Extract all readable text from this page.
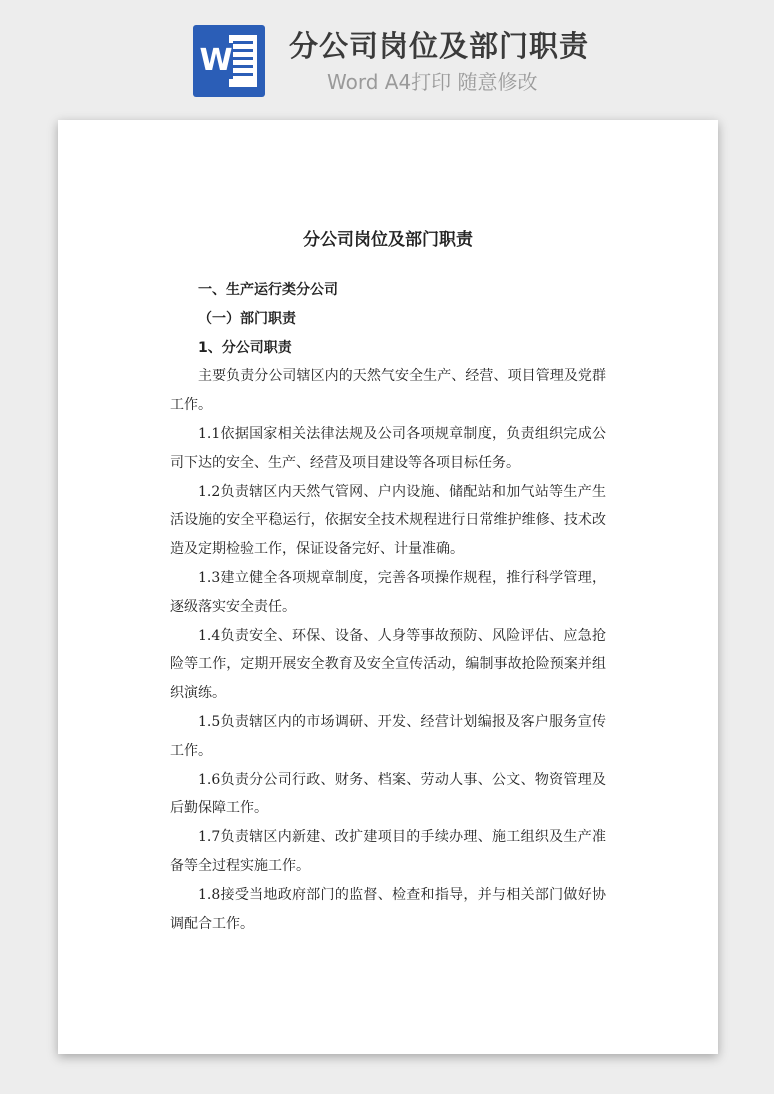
W 分公司岗位及部门职责
Word A4打印 随意修改
分公司岗位及部门职责

一、生产运行类分公司

（一）部门职责

1、分公司职责

主要负责分公司辖区内的天然气安全生产、经营、项目管理及党群工作。

1.1依据国家相关法律法规及公司各项规章制度，负责组织完成公司下达的安全、生产、经营及项目建设等各项目标任务。

1.2负责辖区内天然气管网、户内设施、储配站和加气站等生产生活设施的安全平稳运行，依据安全技术规程进行日常维护维修、技术改造及定期检验工作，保证设备完好、计量准确。

1.3建立健全各项规章制度，完善各项操作规程，推行科学管理，逐级落实安全责任。

1.4负责安全、环保、设备、人身等事故预防、风险评估、应急抢险等工作，定期开展安全教育及安全宣传活动，编制事故抢险预案并组织演练。

1.5负责辖区内的市场调研、开发、经营计划编报及客户服务宣传工作。

1.6负责分公司行政、财务、档案、劳动人事、公文、物资管理及后勤保障工作。

1.7负责辖区内新建、改扩建项目的手续办理、施工组织及生产准备等全过程实施工作。

1.8接受当地政府部门的监督、检查和指导，并与相关部门做好协调配合工作。
